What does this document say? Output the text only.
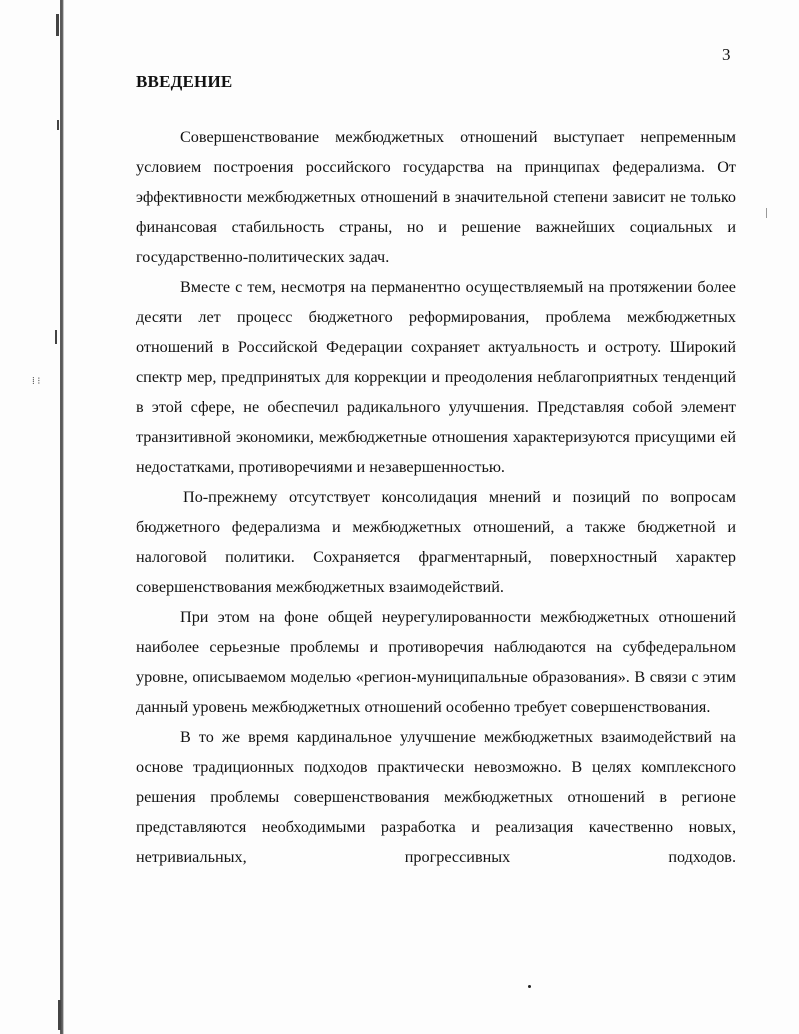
⁞ ⁝
3
ВВЕДЕНИЕ

Совершенствование межбюджетных отношений выступает непременным условием построения российского государства на принципах федерализма. От эффективности межбюджетных отношений в значительной степени зависит не только финансовая стабильность страны, но и решение важнейших социальных и государственно-политических задач.

Вместе с тем, несмотря на перманентно осуществляемый на протяжении более десяти лет процесс бюджетного реформирования, проблема межбюджетных отношений в Российской Федерации сохраняет актуальность и остроту. Широкий спектр мер, предпринятых для коррекции и преодоления неблагоприятных тенденций в этой сфере, не обеспечил радикального улучшения. Представляя собой элемент транзитивной экономики, межбюджетные отношения характеризуются присущими ей недостатками, противоречиями и незавершенностью.

По-прежнему отсутствует консолидация мнений и позиций по вопросам бюджетного федерализма и межбюджетных отношений, а также бюджетной и налоговой политики. Сохраняется фрагментарный, поверхностный характер совершенствования межбюджетных взаимодействий.

При этом на фоне общей неурегулированности межбюджетных отношений наиболее серьезные проблемы и противоречия наблюдаются на субфедеральном уровне, описываемом моделью «регион-муниципальные образования». В связи с этим данный уровень межбюджетных отношений особенно требует совершенствования.

В то же время кардинальное улучшение межбюджетных взаимодействий на основе традиционных подходов практически невозможно. В целях комплексного решения проблемы совершенствования межбюджетных отношений в регионе представляются необходимыми разработка и реализация качественно новых, нетривиальных, прогрессивных подходов.
